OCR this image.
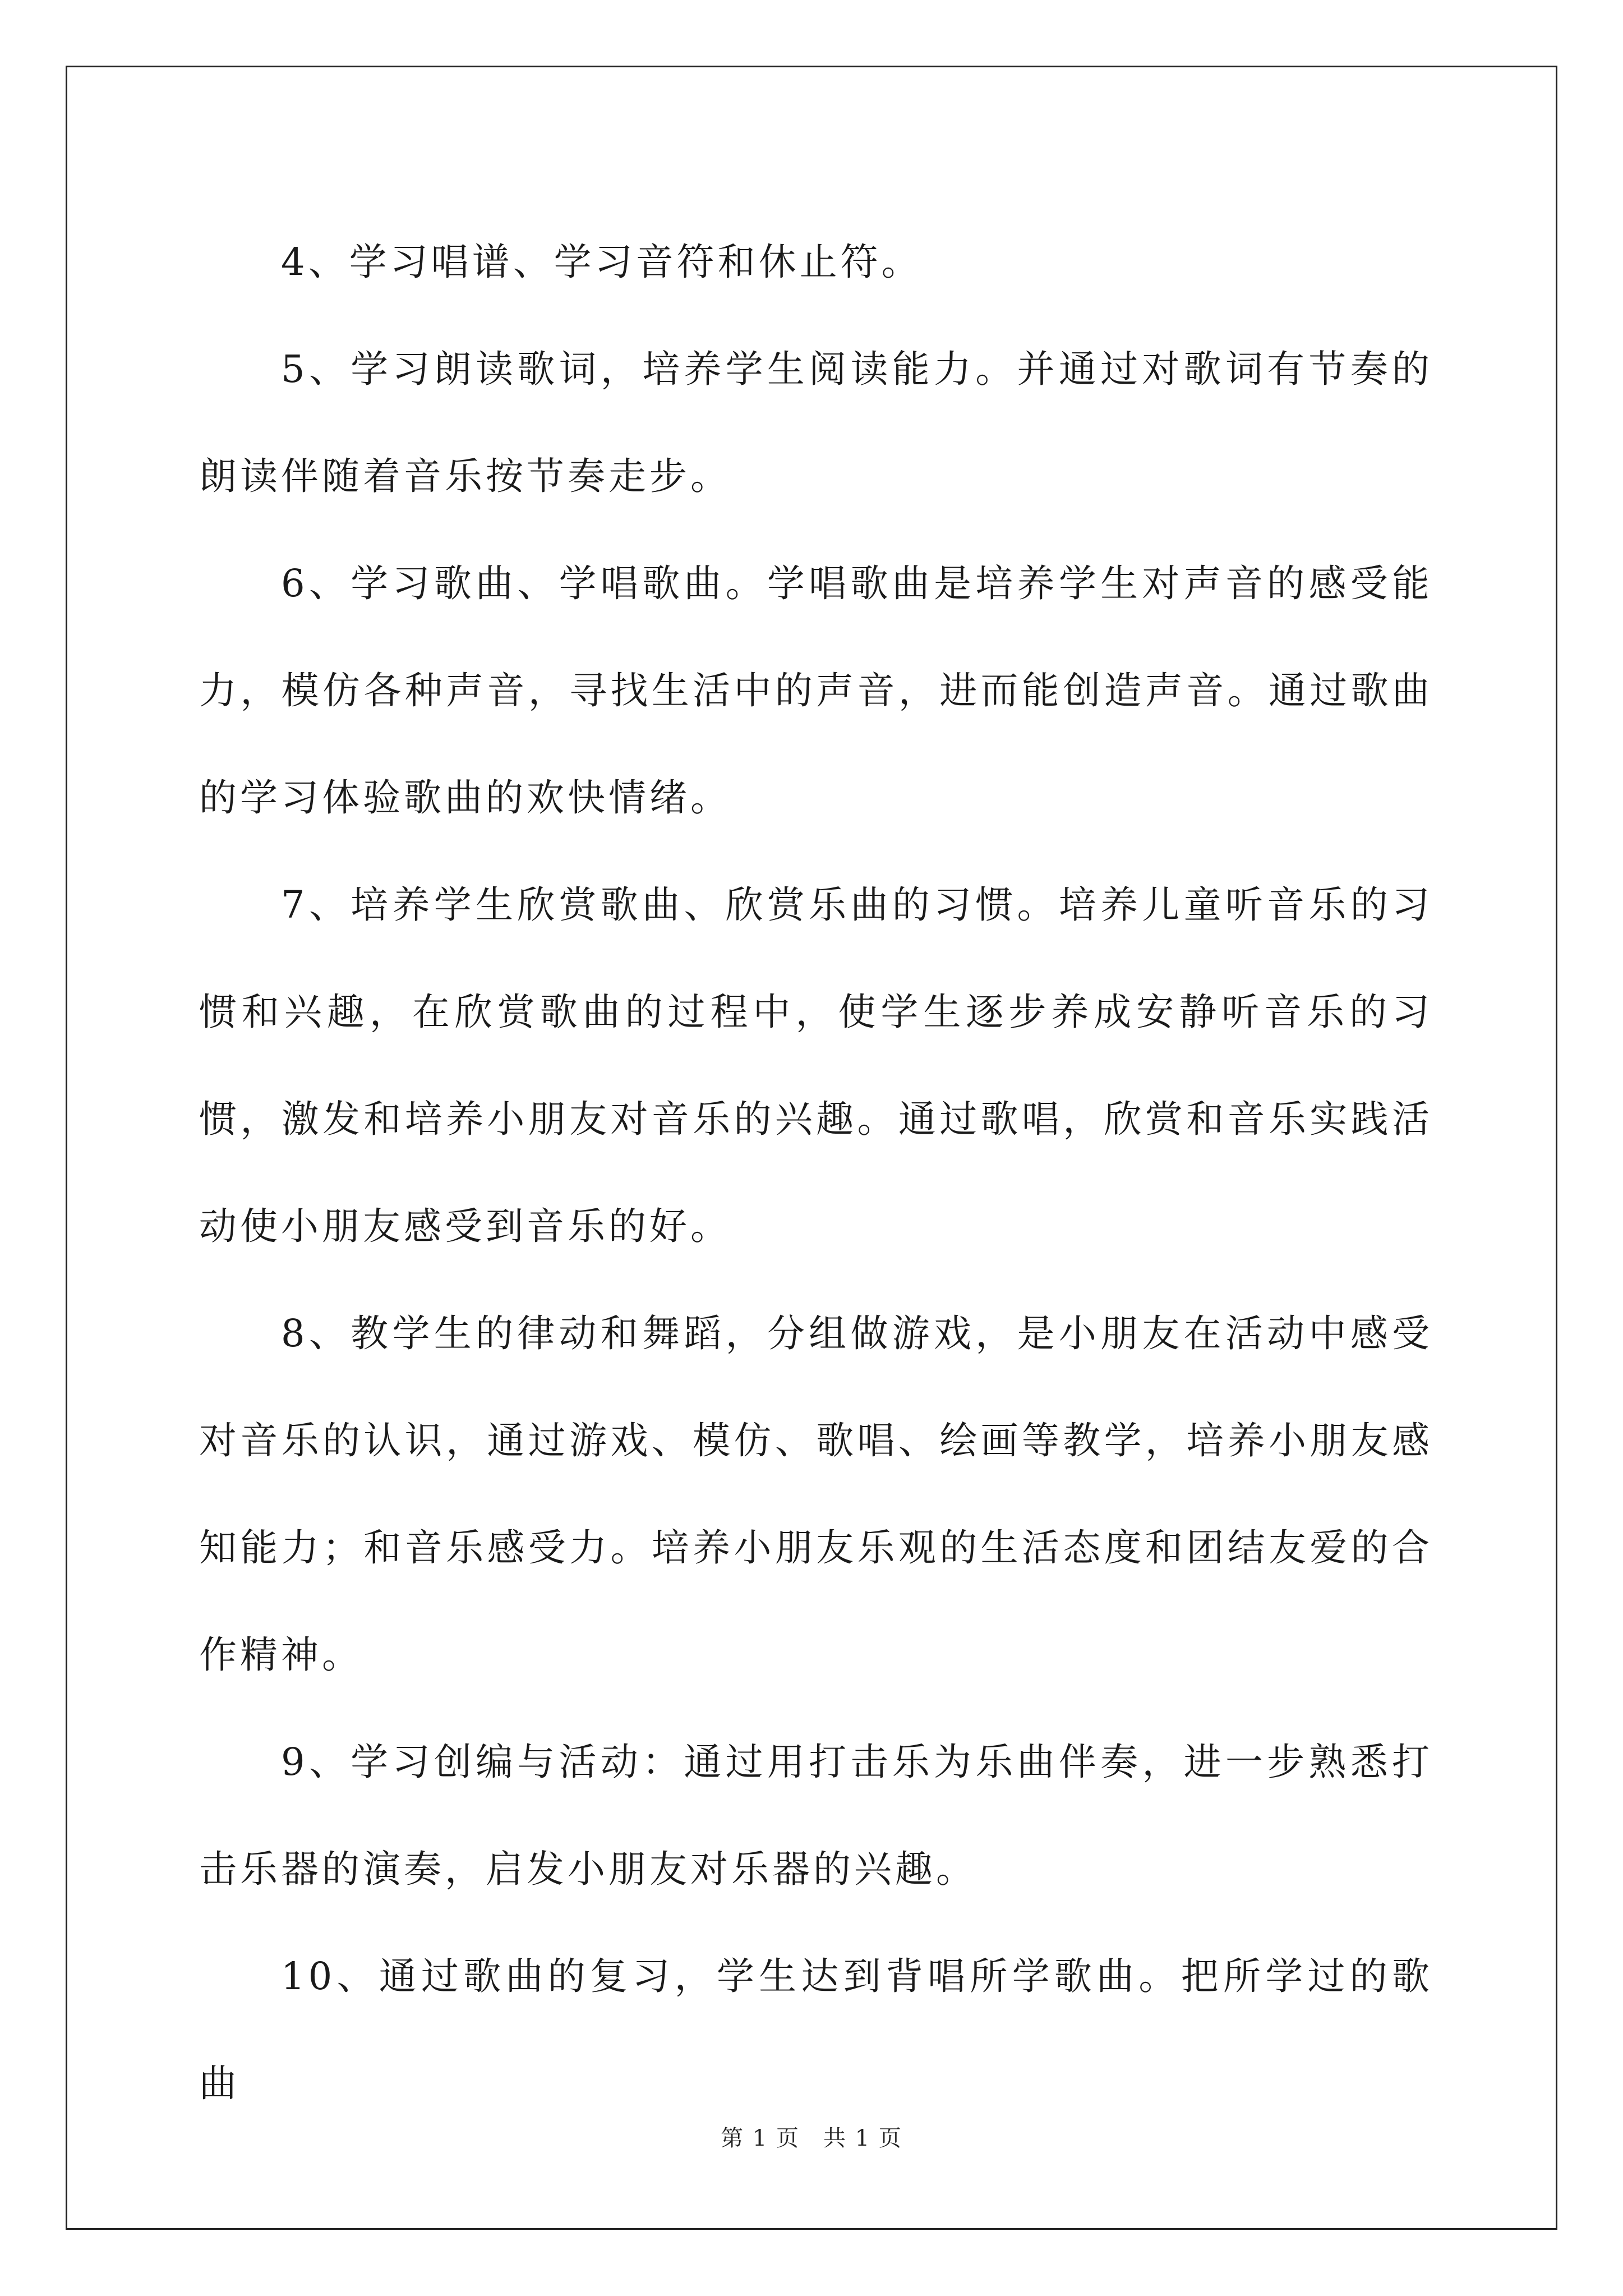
4、学习唱谱、学习音符和休止符。

5、学习朗读歌词，培养学生阅读能力。并通过对歌词有节奏的朗读伴随着音乐按节奏走步。

6、学习歌曲、学唱歌曲。学唱歌曲是培养学生对声音的感受能力，模仿各种声音，寻找生活中的声音，进而能创造声音。通过歌曲的学习体验歌曲的欢快情绪。

7、培养学生欣赏歌曲、欣赏乐曲的习惯。培养儿童听音乐的习惯和兴趣，在欣赏歌曲的过程中，使学生逐步养成安静听音乐的习惯，激发和培养小朋友对音乐的兴趣。通过歌唱，欣赏和音乐实践活动使小朋友感受到音乐的好。

8、教学生的律动和舞蹈，分组做游戏，是小朋友在活动中感受对音乐的认识，通过游戏、模仿、歌唱、绘画等教学，培养小朋友感知能力；和音乐感受力。培养小朋友乐观的生活态度和团结友爱的合作精神。

9、学习创编与活动：通过用打击乐为乐曲伴奏，进一步熟悉打击乐器的演奏，启发小朋友对乐器的兴趣。

10、通过歌曲的复习，学生达到背唱所学歌曲。把所学过的歌曲

第 1 页　共 1 页
